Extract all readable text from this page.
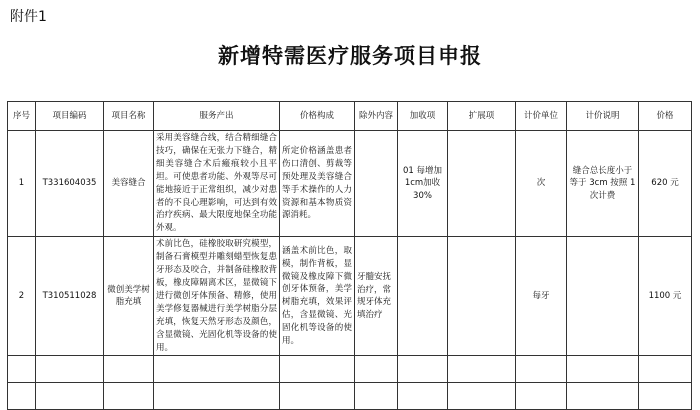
附件1
新增特需医疗服务项目申报
序号	项目编码	项目名称	服务产出	价格构成	除外内容	加收项	扩展项	计价单位	计价说明	价格
1	T331604035	美容缝合	采用美容缝合线，结合精细缝合技巧，确保在无张力下缝合，精细美容缝合术后瘢痕较小且平坦。可使患者功能、外观等尽可能地接近于正常组织，减少对患者的不良心理影响，可达到有效治疗疾病、最大限度地保全功能外观。	所定价格涵盖患者伤口清创、剪裁等预处理及美容缝合等手术操作的人力资源和基本物质资源消耗。		01 每增加1cm加收 30%		次	缝合总长度小于等于 3cm 按照 1次计费	620 元
2	T310511028	微创美学树脂充填	术前比色，硅橡胶取研究模型，制备石膏模型并雕刻蜡型恢复患牙形态及咬合，并制备硅橡胶背板，橡皮障隔离术区，显微镜下进行微创牙体预备、精修，使用美学修复器械进行美学树脂分层充填，恢复天然牙形态及颜色，含显微镜、光固化机等设备的使用。	涵盖术前比色，取模，制作背板，显微镜及橡皮障下微创牙体预备，美学树脂充填，效果评估，含显微镜、光固化机等设备的使用。	牙髓安抚治疗，常规牙体充填治疗			每牙		1100 元
